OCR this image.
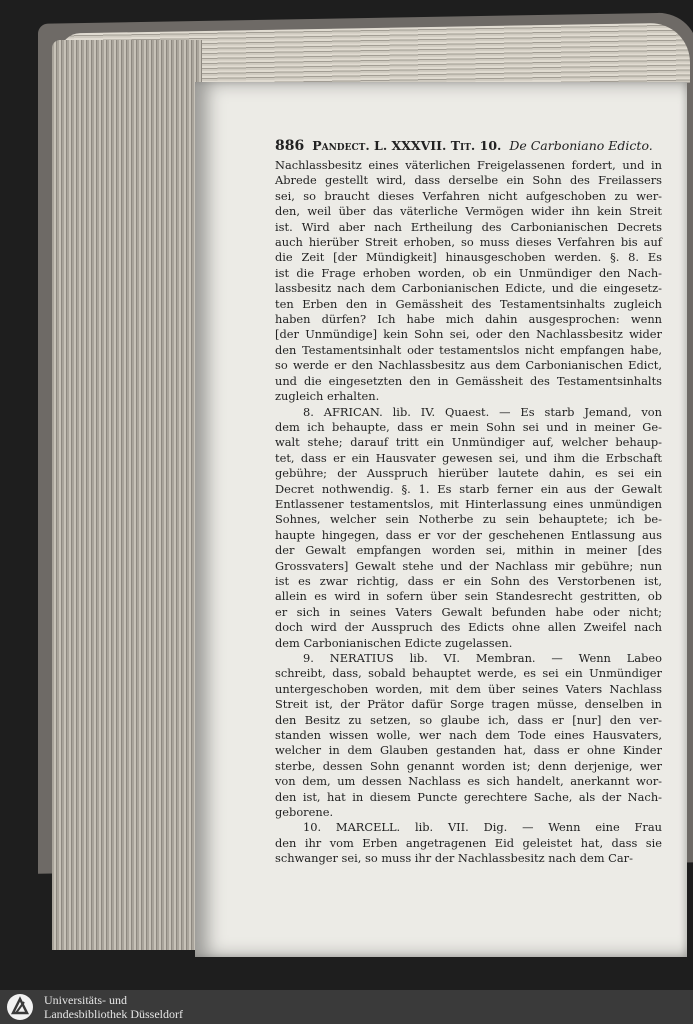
886 Pandect. L. XXXVII. Tit. 10. De Carboniano Edicto.
Nachlassbesitz eines väterlichen Freigelassenen fordert, und in
Abrede gestellt wird, dass derselbe ein Sohn des Freilassers
sei, so braucht dieses Verfahren nicht aufgeschoben zu wer-
den, weil über das väterliche Vermögen wider ihn kein Streit
ist. Wird aber nach Ertheilung des Carbonianischen Decrets
auch hierüber Streit erhoben, so muss dieses Verfahren bis auf
die Zeit [der Mündigkeit] hinausgeschoben werden. §. 8. Es
ist die Frage erhoben worden, ob ein Unmündiger den Nach-
lassbesitz nach dem Carbonianischen Edicte, und die eingesetz-
ten Erben den in Gemässheit des Testamentsinhalts zugleich
haben dürfen? Ich habe mich dahin ausgesprochen: wenn
[der Unmündige] kein Sohn sei, oder den Nachlassbesitz wider
den Testamentsinhalt oder testamentslos nicht empfangen habe,
so werde er den Nachlassbesitz aus dem Carbonianischen Edict,
und die eingesetzten den in Gemässheit des Testamentsinhalts
zugleich erhalten.
8. AFRICAN. lib. IV. Quaest. — Es starb Jemand, von
dem ich behaupte, dass er mein Sohn sei und in meiner Ge-
walt stehe; darauf tritt ein Unmündiger auf, welcher behaup-
tet, dass er ein Hausvater gewesen sei, und ihm die Erbschaft
gebühre; der Ausspruch hierüber lautete dahin, es sei ein
Decret nothwendig. §. 1. Es starb ferner ein aus der Gewalt
Entlassener testamentslos, mit Hinterlassung eines unmündigen
Sohnes, welcher sein Notherbe zu sein behauptete; ich be-
haupte hingegen, dass er vor der geschehenen Entlassung aus
der Gewalt empfangen worden sei, mithin in meiner [des
Grossvaters] Gewalt stehe und der Nachlass mir gebühre; nun
ist es zwar richtig, dass er ein Sohn des Verstorbenen ist,
allein es wird in sofern über sein Standesrecht gestritten, ob
er sich in seines Vaters Gewalt befunden habe oder nicht;
doch wird der Ausspruch des Edicts ohne allen Zweifel nach
dem Carbonianischen Edicte zugelassen.
9. NERATIUS lib. VI. Membran. — Wenn Labeo
schreibt, dass, sobald behauptet werde, es sei ein Unmündiger
untergeschoben worden, mit dem über seines Vaters Nachlass
Streit ist, der Prätor dafür Sorge tragen müsse, denselben in
den Besitz zu setzen, so glaube ich, dass er [nur] den ver-
standen wissen wolle, wer nach dem Tode eines Hausvaters,
welcher in dem Glauben gestanden hat, dass er ohne Kinder
sterbe, dessen Sohn genannt worden ist; denn derjenige, wer
von dem, um dessen Nachlass es sich handelt, anerkannt wor-
den ist, hat in diesem Puncte gerechtere Sache, als der Nach-
geborene.
10. MARCELL. lib. VII. Dig. — Wenn eine Frau
den ihr vom Erben angetragenen Eid geleistet hat, dass sie
schwanger sei, so muss ihr der Nachlassbesitz nach dem Car-
Universitäts- und
Landesbibliothek Düsseldorf
